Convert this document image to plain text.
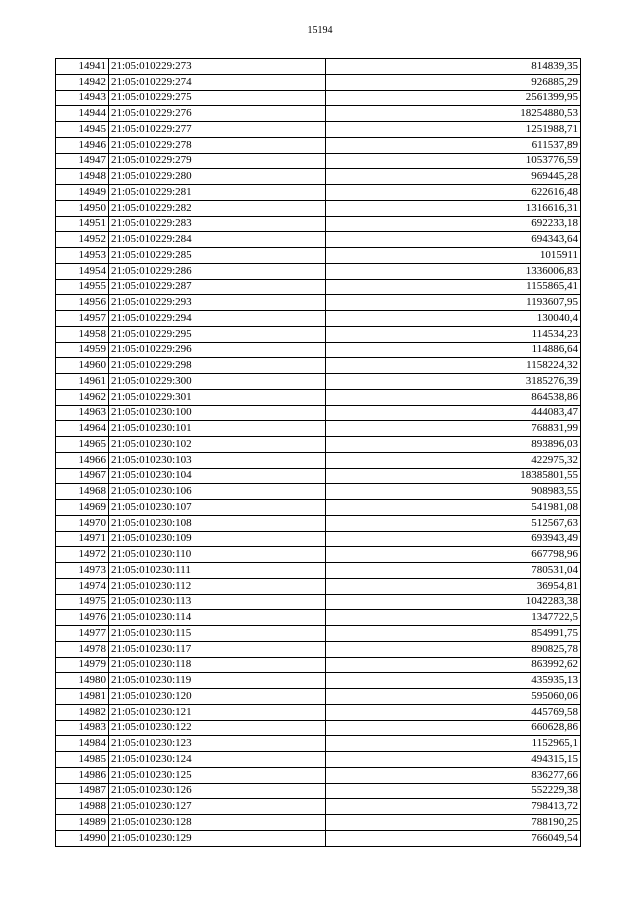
15194
14941	21:05:010229:273	814839,35
14942	21:05:010229:274	926885,29
14943	21:05:010229:275	2561399,95
14944	21:05:010229:276	18254880,53
14945	21:05:010229:277	1251988,71
14946	21:05:010229:278	611537,89
14947	21:05:010229:279	1053776,59
14948	21:05:010229:280	969445,28
14949	21:05:010229:281	622616,48
14950	21:05:010229:282	1316616,31
14951	21:05:010229:283	692233,18
14952	21:05:010229:284	694343,64
14953	21:05:010229:285	1015911
14954	21:05:010229:286	1336006,83
14955	21:05:010229:287	1155865,41
14956	21:05:010229:293	1193607,95
14957	21:05:010229:294	130040,4
14958	21:05:010229:295	114534,23
14959	21:05:010229:296	114886,64
14960	21:05:010229:298	1158224,32
14961	21:05:010229:300	3185276,39
14962	21:05:010229:301	864538,86
14963	21:05:010230:100	444083,47
14964	21:05:010230:101	768831,99
14965	21:05:010230:102	893896,03
14966	21:05:010230:103	422975,32
14967	21:05:010230:104	18385801,55
14968	21:05:010230:106	908983,55
14969	21:05:010230:107	541981,08
14970	21:05:010230:108	512567,63
14971	21:05:010230:109	693943,49
14972	21:05:010230:110	667798,96
14973	21:05:010230:111	780531,04
14974	21:05:010230:112	36954,81
14975	21:05:010230:113	1042283,38
14976	21:05:010230:114	1347722,5
14977	21:05:010230:115	854991,75
14978	21:05:010230:117	890825,78
14979	21:05:010230:118	863992,62
14980	21:05:010230:119	435935,13
14981	21:05:010230:120	595060,06
14982	21:05:010230:121	445769,58
14983	21:05:010230:122	660628,86
14984	21:05:010230:123	1152965,1
14985	21:05:010230:124	494315,15
14986	21:05:010230:125	836277,66
14987	21:05:010230:126	552229,38
14988	21:05:010230:127	798413,72
14989	21:05:010230:128	788190,25
14990	21:05:010230:129	766049,54
